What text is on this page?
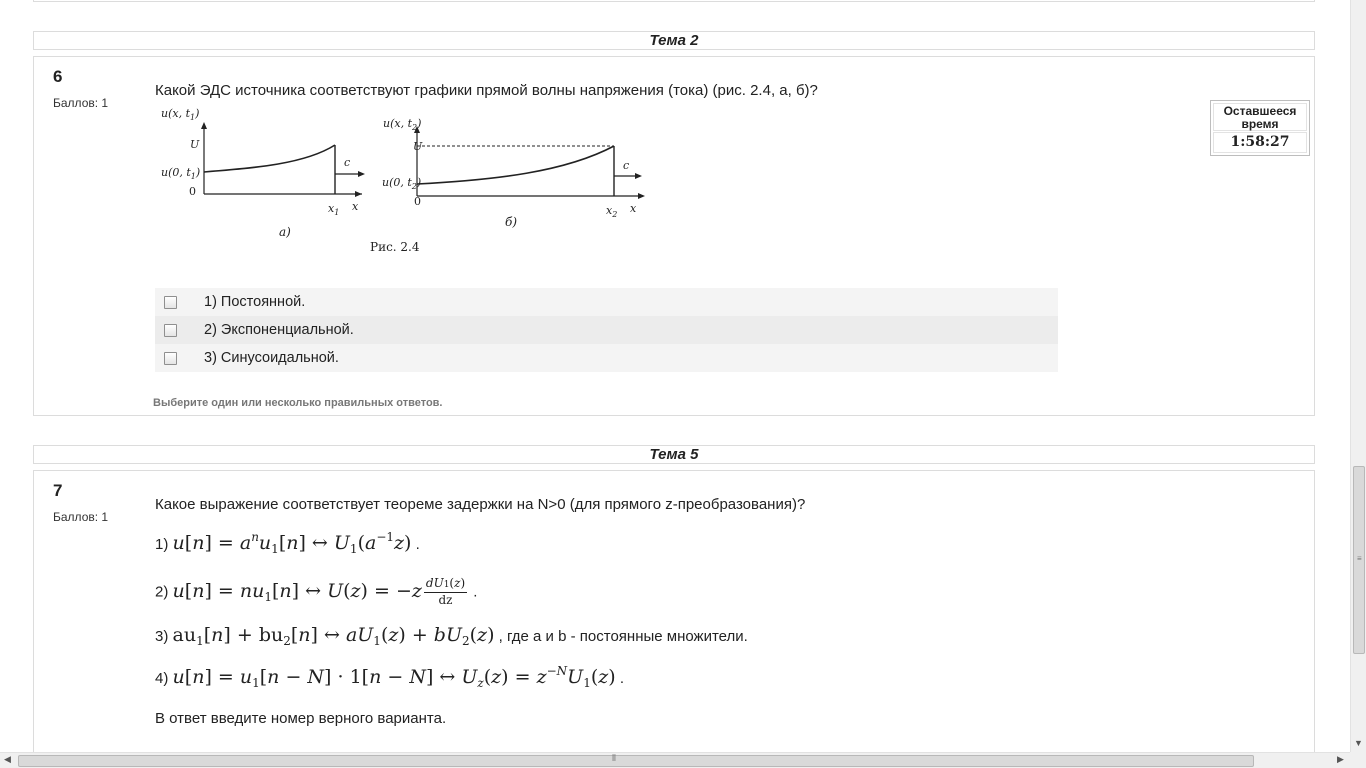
Тема 2
6
Баллов: 1
Какой ЭДС источника соответствуют графики прямой волны напряжения (тока) (рис. 2.4, а, б)?
u(x, $t_1$)
U
u(0, $t_1$)
0
c
$x_1$ x
а)
u(x, $t_2$)
U
u(0, $t_2$)
0
c
$x_2$ x
б)
Рис. 2.4
1) Постоянной.
2) Экспоненциальной.
3) Синусоидальной.
Выберите один или несколько правильных ответов.
Оставшееся время
1:58:27
Тема 5
7
Баллов: 1
Какое выражение соответствует теореме задержки на N>0 (для прямого z-преобразования)?
1) $u[n] = a^nu_1[n]$ ↔ $U_1(a^{-1}z)$ .
2) $u[n] = nu_1[n]$ ↔ $U(z) = -z \frac{dU1(z)}{dz}$ .
3) $au_1[n] + bu_2[n]$ ↔ $aU_1(z) + bU_2(z)$ , где a и b - постоянные множители.
4) $u[n] = u_1[n - N] \cdot 1[n - N]$ ↔ $U_z(z) = z^{-N}U_1(z)$ .
В ответ введите номер верного варианта.
≡
▼
◀	⦀	▶
